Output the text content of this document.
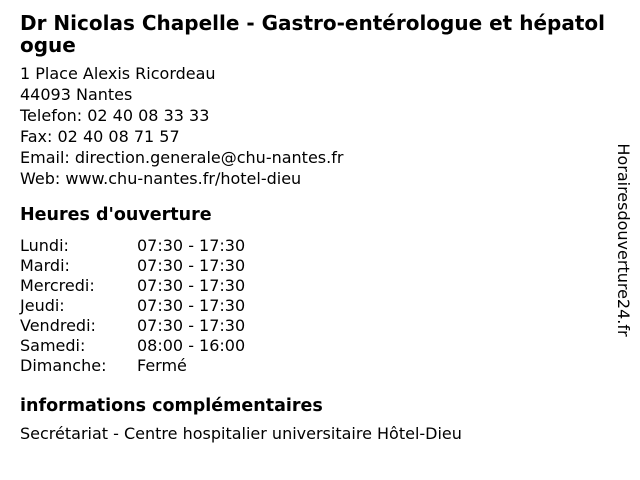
Dr Nicolas Chapelle - Gastro-entérologue et hépatologue
1 Place Alexis Ricordeau
44093 Nantes
Telefon: 02 40 08 33 33
Fax: 02 40 08 71 57
Email: direction.generale@chu-nantes.fr
Web: www.chu-nantes.fr/hotel-dieu
Heures d'ouverture
Lundi:	07:30 - 17:30
Mardi:	07:30 - 17:30
Mercredi:	07:30 - 17:30
Jeudi:	07:30 - 17:30
Vendredi:	07:30 - 17:30
Samedi:	08:00 - 16:00
Dimanche:	Fermé
informations complémentaires
Secrétariat - Centre hospitalier universitaire Hôtel-Dieu
Horairesdouverture24.fr
